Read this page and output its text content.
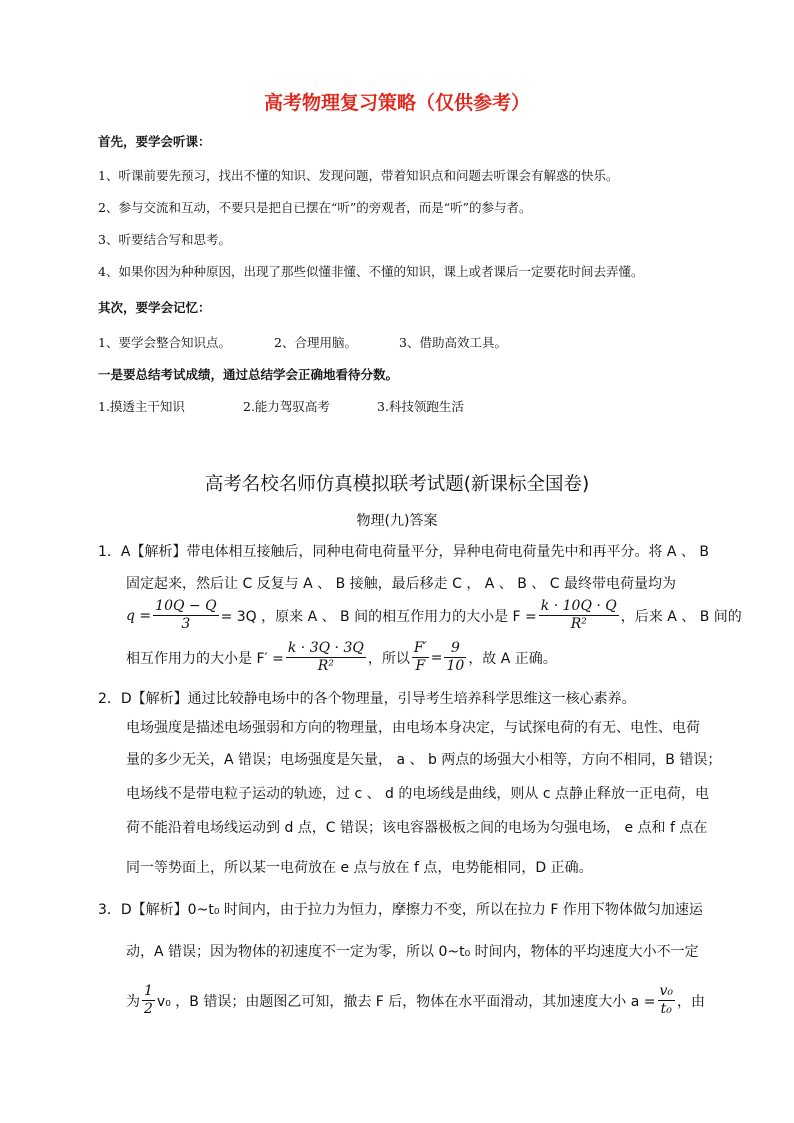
高考物理复习策略（仅供参考）
首先，要学会听课：
1、听课前要先预习，找出不懂的知识、发现问题，带着知识点和问题去听课会有解惑的快乐。
2、参与交流和互动，不要只是把自已摆在“听”的旁观者，而是“听”的参与者。
3、听要结合写和思考。
4、如果你因为种种原因，出现了那些似懂非懂、不懂的知识，课上或者课后一定要花时间去弄懂。
其次，要学会记忆：
1、要学会整合知识点。	2、合理用脑。	3、借助高效工具。
一是要总结考试成绩，通过总结学会正确地看待分数。
1.摸透主干知识	2.能力驾驭高考	3.科技领跑生活
高考名校名师仿真模拟联考试题(新课标全国卷)
物理(九)答案
1．A【解析】带电体相互接触后，同种电荷电荷量平分，异种电荷电荷量先中和再平分。将 A 、 B
固定起来，然后让 C 反复与 A 、 B 接触，最后移走 C ， A 、 B 、 C 最终带电荷量均为
$q = \frac{10Q - Q}{3} = 3Q$ ，原来 A 、 B 间的相互作用力的大小是 $F = \frac{k \cdot 10Q \cdot Q}{\text{R²}}$ ，后来 A 、 B 间的
相互作用力的大小是 $F' = \frac{k \cdot 3Q \cdot 3Q}{\text{R²}}$ ，所以 $\frac{F'}{F} = \frac{9}{10}$ ，故 A 正确。
2．D【解析】通过比较静电场中的各个物理量，引导考生培养科学思维这一核心素养。
电场强度是描述电场强弱和方向的物理量，由电场本身决定，与试探电荷的有无、电性、电荷
量的多少无关，A 错误；电场强度是矢量， a 、 b 两点的场强大小相等，方向不相同，B 错误；
电场线不是带电粒子运动的轨迹，过 c 、 d 的电场线是曲线，则从 c 点静止释放一正电荷，电
荷不能沿着电场线运动到 d 点，C 错误；该电容器极板之间的电场为匀强电场， e 点和 f 点在
同一等势面上，所以某一电荷放在 e 点与放在 f 点，电势能相同，D 正确。
3．D【解析】0~t₀ 时间内，由于拉力为恒力，摩擦力不变，所以在拉力 F 作用下物体做匀加速运
动，A 错误；因为物体的初速度不一定为零，所以 0~t₀ 时间内，物体的平均速度大小不一定
为 $\frac{1}{2} v_0$ ，B 错误；由题图乙可知，撤去 F 后，物体在水平面滑动，其加速度大小 $a = \frac{\text{v₀}}{\text{t₀}}$ ，由
